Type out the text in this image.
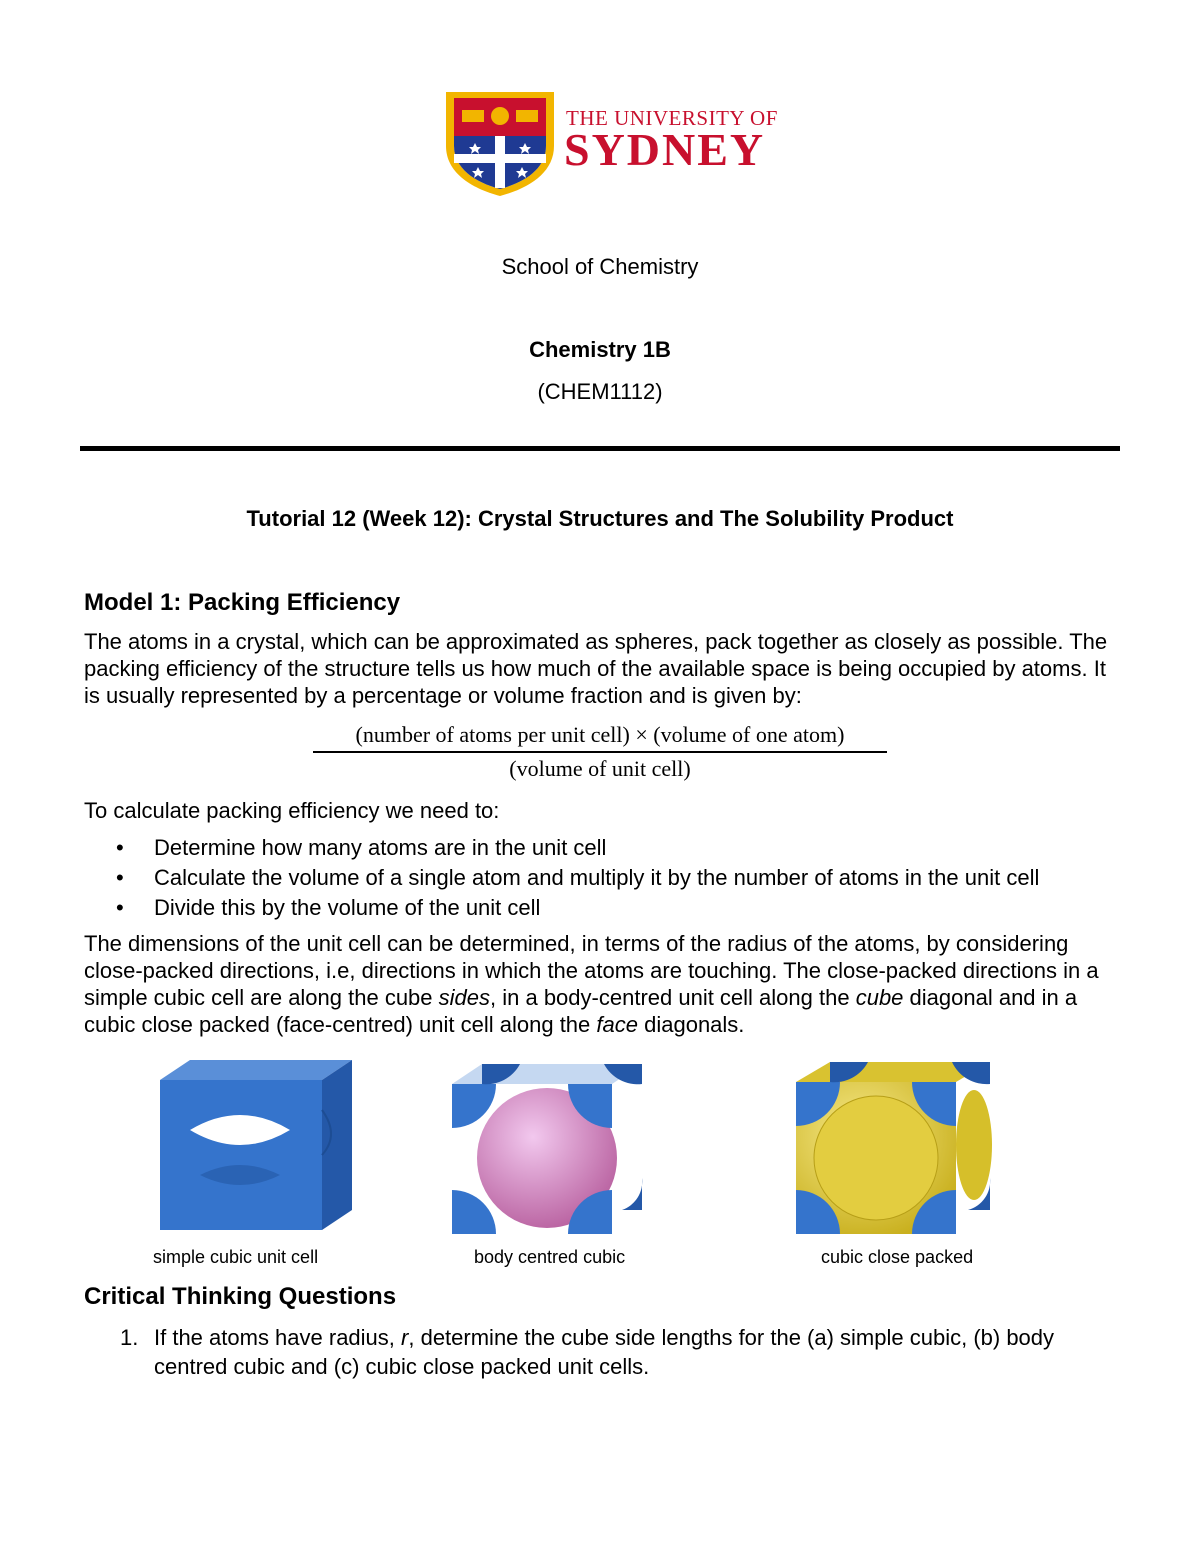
THE UNIVERSITY OF
SYDNEY
School of Chemistry
Chemistry 1B
(CHEM1112)
Tutorial 12 (Week 12): Crystal Structures and The Solubility Product
Model 1: Packing Efficiency
The atoms in a crystal, which can be approximated as spheres, pack together as closely as possible. The packing efficiency of the structure tells us how much of the available space is being occupied by atoms. It is usually represented by a percentage or volume fraction and is given by:
(number of atoms per unit cell) × (volume of one atom)
(volume of unit cell)
To calculate packing efficiency we need to:
• Determine how many atoms are in the unit cell
• Calculate the volume of a single atom and multiply it by the number of atoms in the unit cell
• Divide this by the volume of the unit cell
The dimensions of the unit cell can be determined, in terms of the radius of the atoms, by considering close-packed directions, i.e, directions in which the atoms are touching. The close-packed directions in a simple cubic cell are along the cube sides, in a body-centred unit cell along the cube diagonal and in a cubic close packed (face-centred) unit cell along the face diagonals.
simple cubic unit cell	body centred cubic	cubic close packed
Critical Thinking Questions
1. If the atoms have radius, r, determine the cube side lengths for the (a) simple cubic, (b) body centred cubic and (c) cubic close packed unit cells.
